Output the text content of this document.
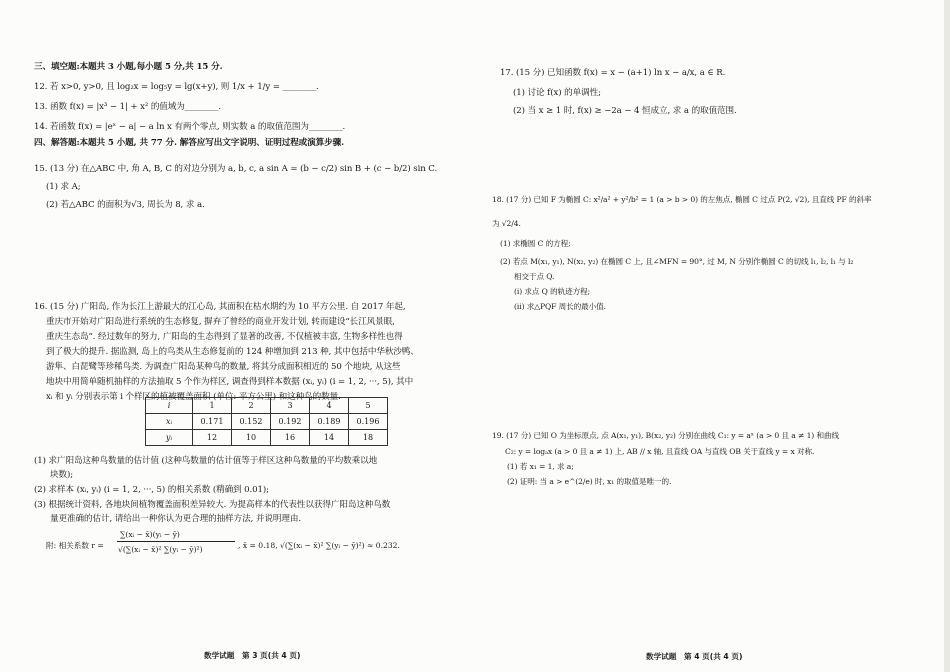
三、填空题:本题共 3 小题,每小题 5 分,共 15 分.
12. 若 x>0, y>0, 且 log₂x = log₅y = lg(x+y), 则 1/x + 1/y = ________.
13. 函数 f(x) = |x³ − 1| + x² 的值域为________.
14. 若函数 f(x) = |eˣ − a| − a ln x 有两个零点, 则实数 a 的取值范围为________.
四、解答题:本题共 5 小题, 共 77 分. 解答应写出文字说明、证明过程或演算步骤.
15. (13 分) 在△ABC 中, 角 A, B, C 的对边分别为 a, b, c, a sin A = (b − c/2) sin B + (c − b/2) sin C.
(1) 求 A;
(2) 若△ABC 的面积为√3, 周长为 8, 求 a.
16. (15 分) 广阳岛, 作为长江上游最大的江心岛, 其面积在枯水期约为 10 平方公里. 自 2017 年起,
重庆市开始对广阳岛进行系统的生态修复, 摒弃了曾经的商业开发计划, 转而建设“长江风景眼,
重庆生态岛”. 经过数年的努力, 广阳岛的生态得到了显著的改善, 不仅植被丰富, 生物多样性也得
到了极大的提升. 据监测, 岛上的鸟类从生态修复前的 124 种增加到 213 种, 其中包括中华秋沙鸭、
游隼、白琵鹭等珍稀鸟类. 为调查广阳岛某种鸟的数量, 将其分成面积相近的 50 个地块, 从这些
地块中用简单随机抽样的方法抽取 5 个作为样区, 调查得到样本数据 (xᵢ, yᵢ) (i = 1, 2, ···, 5), 其中
xᵢ 和 yᵢ 分别表示第 i 个样区的植被覆盖面积 (单位: 平方公里) 和这种鸟的数量.
i	1	2	3	4	5
xᵢ	0.171	0.152	0.192	0.189	0.196
yᵢ	12	10	16	14	18
(1) 求广阳岛这种鸟数量的估计值 (这种鸟数量的估计值等于样区这种鸟数量的平均数乘以地
块数);
(2) 求样本 (xᵢ, yᵢ) (i = 1, 2, ···, 5) 的相关系数 (精确到 0.01);
(3) 根据统计资料, 各地块间植物覆盖面积差异较大. 为提高样本的代表性以获得广阳岛这种鸟数
量更准确的估计, 请给出一种你认为更合理的抽样方法, 并说明理由.
附: 相关系数 r =
∑(xᵢ − x̄)(yᵢ − ȳ)
√(∑(xᵢ − x̄)² ∑(yᵢ − ȳ)²)	, x̄ = 0.18, √(∑(xᵢ − x̄)² ∑(yᵢ − ȳ)²) ≈ 0.232.
数学试题　第 3 页(共 4 页)
17. (15 分) 已知函数 f(x) = x − (a+1) ln x − a/x, a ∈ R.
(1) 讨论 f(x) 的单调性;
(2) 当 x ≥ 1 时, f(x) ≥ −2a − 4 恒成立, 求 a 的取值范围.
18. (17 分) 已知 F 为椭圆 C: x²/a² + y²/b² = 1 (a > b > 0) 的左焦点, 椭圆 C 过点 P(2, √2), 且直线 PF 的斜率
为 √2/4.
(1) 求椭圆 C 的方程;
(2) 若点 M(x₁, y₁), N(x₂, y₂) 在椭圆 C 上, 且∠MFN = 90°, 过 M, N 分别作椭圆 C 的切线 l₁, l₂, l₁ 与 l₂
相交于点 Q.
(ⅰ) 求点 Q 的轨迹方程;
(ⅱ) 求△PQF 周长的最小值.
19. (17 分) 已知 O 为坐标原点, 点 A(x₁, y₁), B(x₂, y₂) 分别在曲线 C₁: y = aˣ (a > 0 且 a ≠ 1) 和曲线
C₂: y = logₐx (a > 0 且 a ≠ 1) 上, AB // x 轴, 且直线 OA 与直线 OB 关于直线 y = x 对称.
(1) 若 x₁ = 1, 求 a;
(2) 证明: 当 a > e^(2/e) 时, x₁ 的取值是唯一的.
数学试题　第 4 页(共 4 页)
